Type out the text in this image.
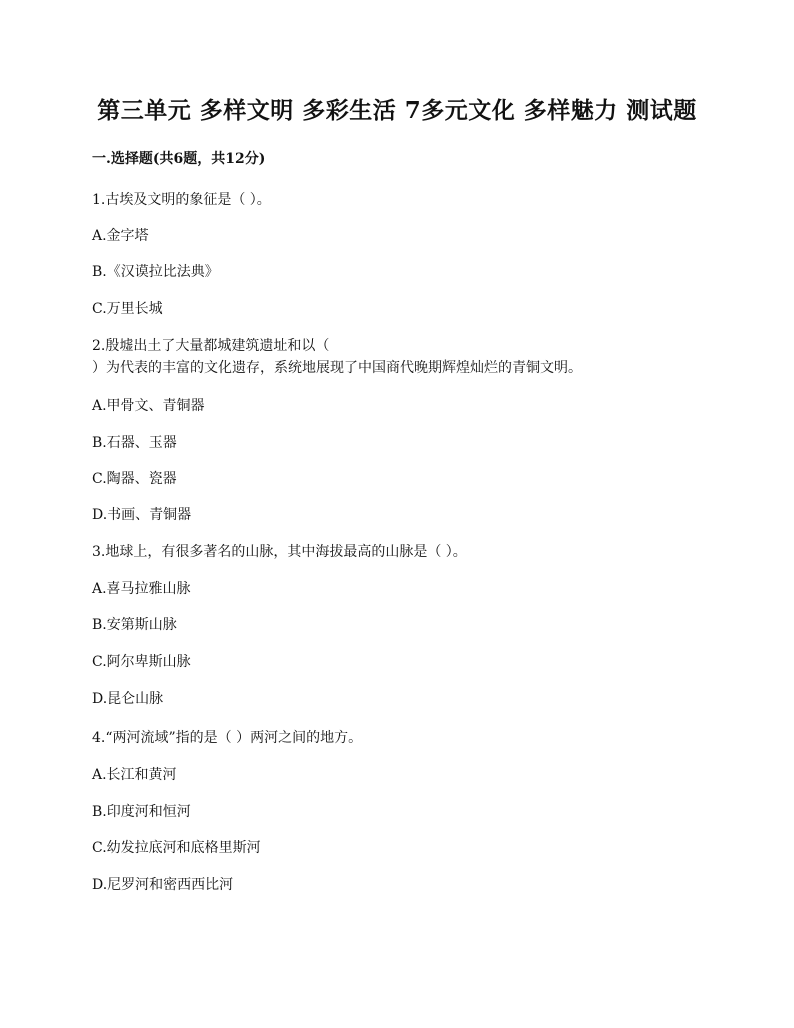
第三单元 多样文明 多彩生活 7多元文化 多样魅力 测试题
一.选择题(共6题，共12分)
1.古埃及文明的象征是（ ）。
A.金字塔
B.《汉谟拉比法典》
C.万里长城
2.殷墟出土了大量都城建筑遗址和以（
）为代表的丰富的文化遗存，系统地展现了中国商代晚期辉煌灿烂的青铜文明。
A.甲骨文、青铜器
B.石器、玉器
C.陶器、瓷器
D.书画、青铜器
3.地球上，有很多著名的山脉，其中海拔最高的山脉是（ ）。
A.喜马拉雅山脉
B.安第斯山脉
C.阿尔卑斯山脉
D.昆仑山脉
4.“两河流域”指的是（ ）两河之间的地方。
A.长江和黄河
B.印度河和恒河
C.幼发拉底河和底格里斯河
D.尼罗河和密西西比河
